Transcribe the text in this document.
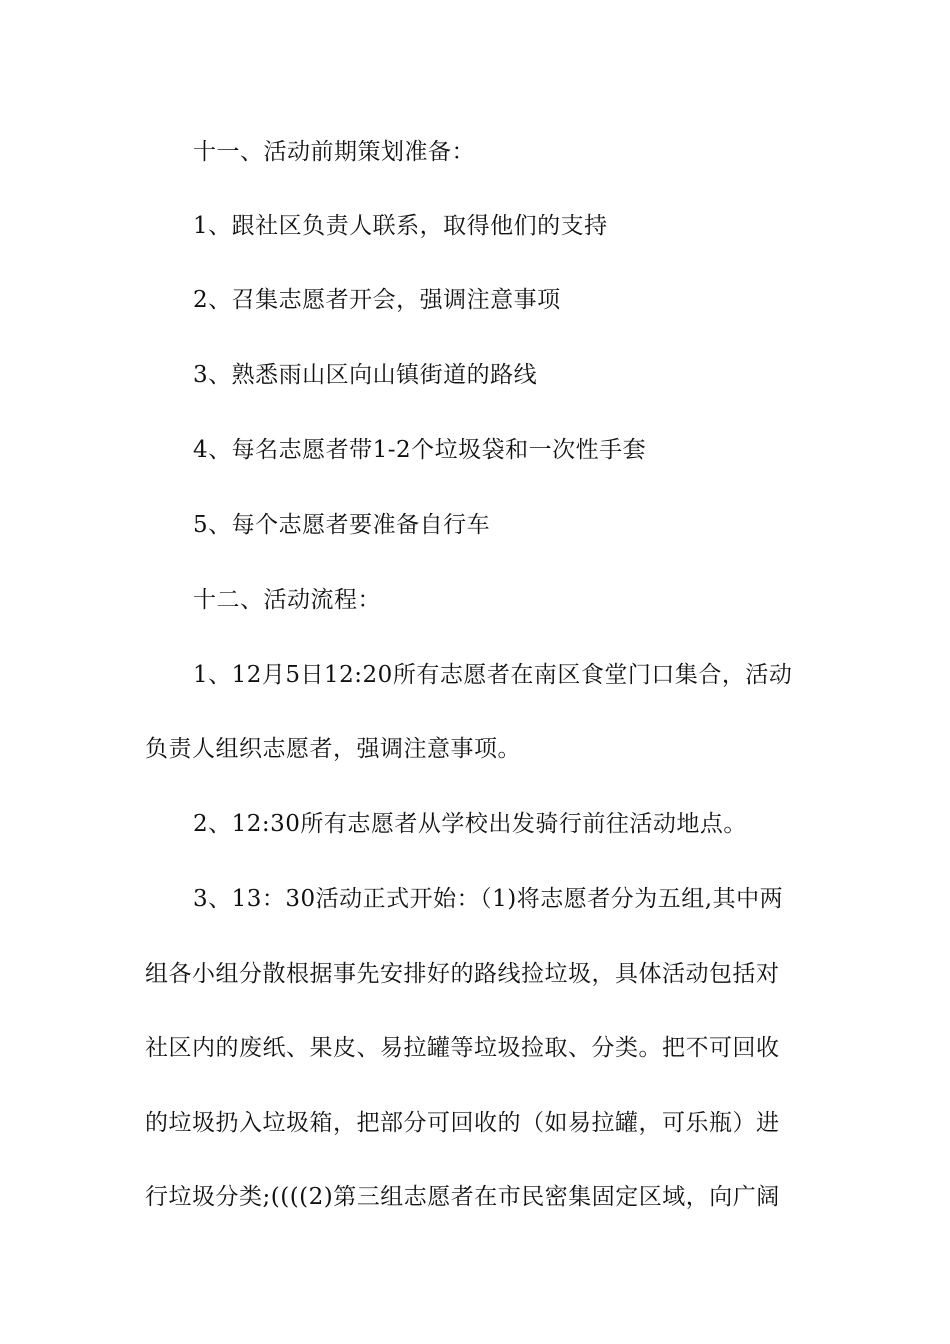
十一、活动前期策划准备：
1、跟社区负责人联系，取得他们的支持
2、召集志愿者开会，强调注意事项
3、熟悉雨山区向山镇街道的路线
4、每名志愿者带1-2个垃圾袋和一次性手套
5、每个志愿者要准备自行车
十二、活动流程：
1、12月5日12:20所有志愿者在南区食堂门口集合，活动
负责人组织志愿者，强调注意事项。
2、12:30所有志愿者从学校出发骑行前往活动地点。
3、13：30活动正式开始：（1)将志愿者分为五组,其中两
组各小组分散根据事先安排好的路线捡垃圾，具体活动包括对
社区内的废纸、果皮、易拉罐等垃圾捡取、分类。把不可回收
的垃圾扔入垃圾箱，把部分可回收的（如易拉罐，可乐瓶）进
行垃圾分类;((((2)第三组志愿者在市民密集固定区域，向广阔
